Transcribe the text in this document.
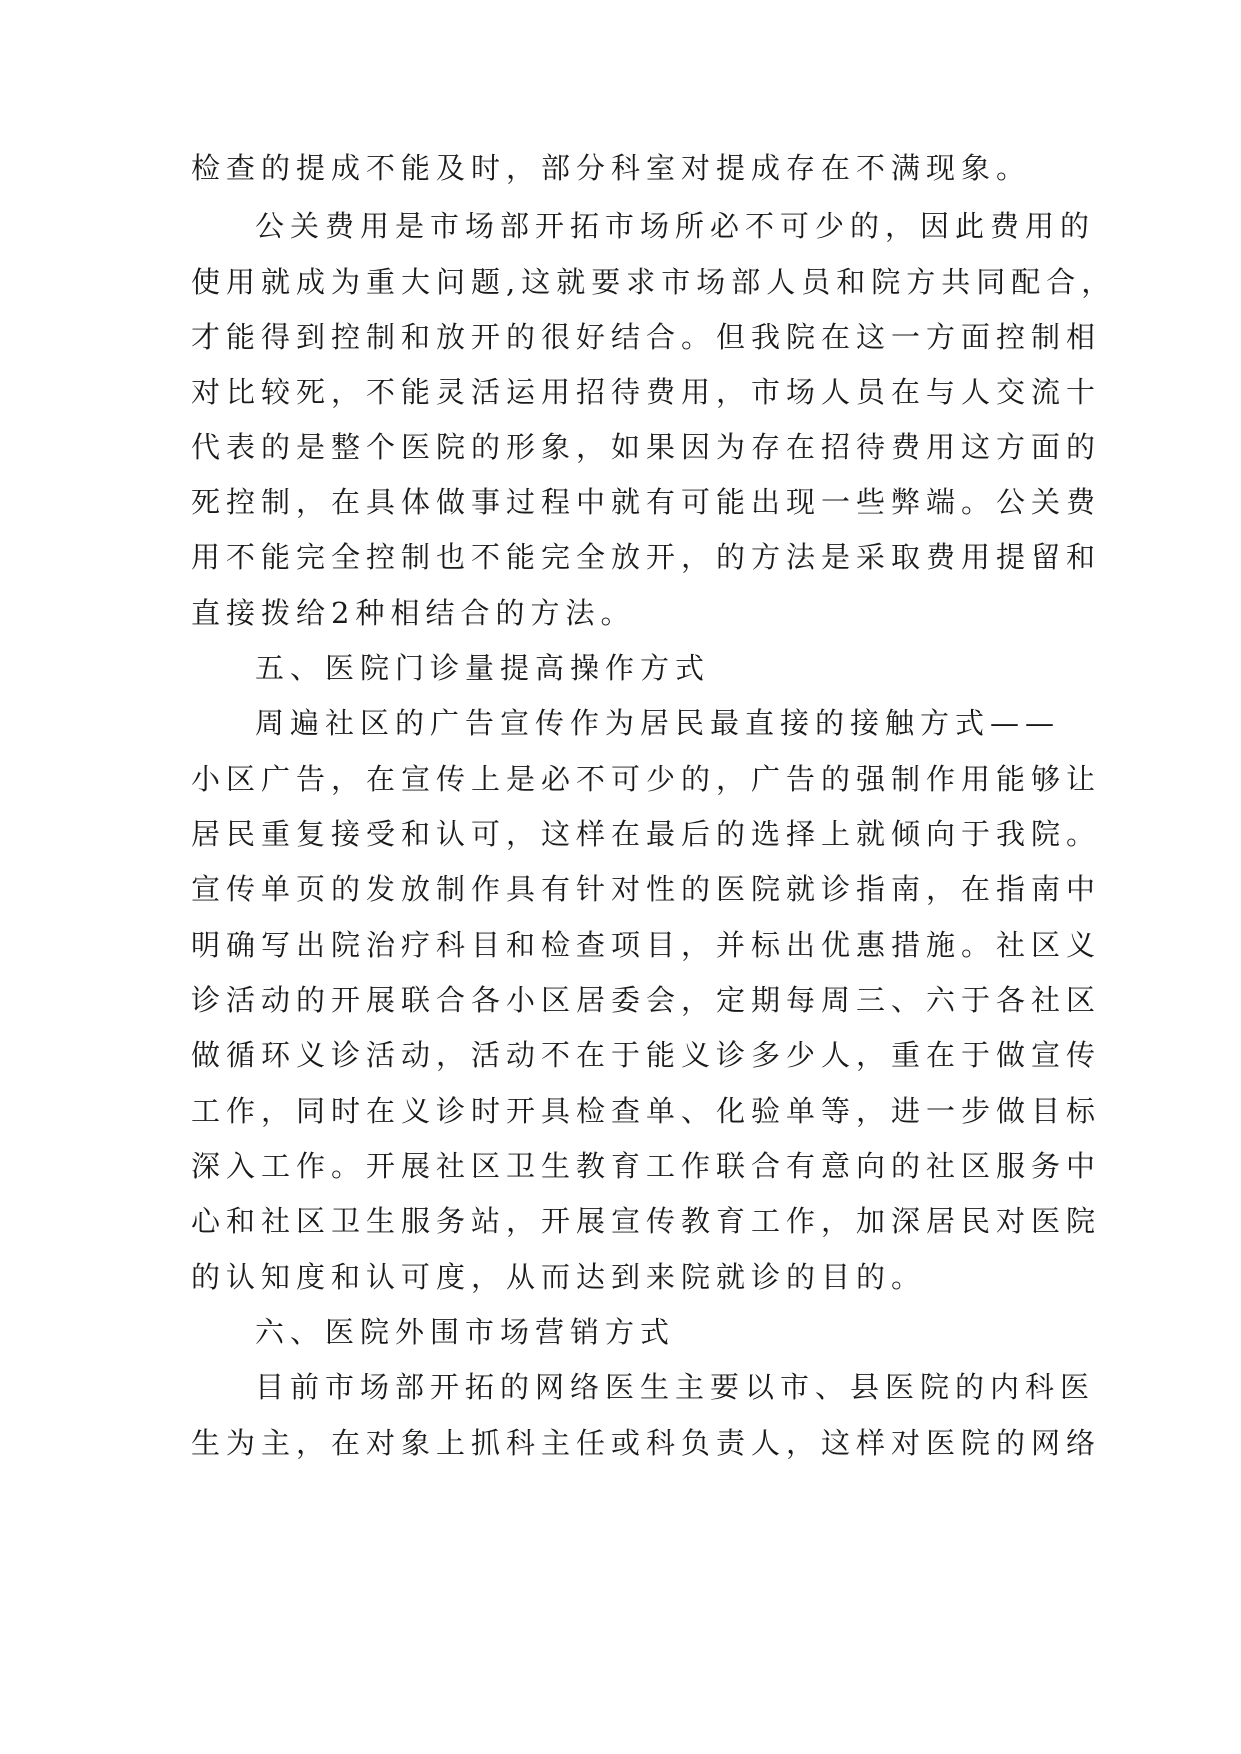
检查的提成不能及时，部分科室对提成存在不满现象。
公关费用是市场部开拓市场所必不可少的，因此费用的
使用就成为重大问题,这就要求市场部人员和院方共同配合，
才能得到控制和放开的很好结合。但我院在这一方面控制相
对比较死，不能灵活运用招待费用，市场人员在与人交流十
代表的是整个医院的形象，如果因为存在招待费用这方面的
死控制，在具体做事过程中就有可能出现一些弊端。公关费
用不能完全控制也不能完全放开，的方法是采取费用提留和
直接拨给2种相结合的方法。
五、医院门诊量提高操作方式
周遍社区的广告宣传作为居民最直接的接触方式——
小区广告，在宣传上是必不可少的，广告的强制作用能够让
居民重复接受和认可，这样在最后的选择上就倾向于我院。
宣传单页的发放制作具有针对性的医院就诊指南，在指南中
明确写出院治疗科目和检查项目，并标出优惠措施。社区义
诊活动的开展联合各小区居委会，定期每周三、六于各社区
做循环义诊活动，活动不在于能义诊多少人，重在于做宣传
工作，同时在义诊时开具检查单、化验单等，进一步做目标
深入工作。开展社区卫生教育工作联合有意向的社区服务中
心和社区卫生服务站，开展宣传教育工作，加深居民对医院
的认知度和认可度，从而达到来院就诊的目的。
六、医院外围市场营销方式
目前市场部开拓的网络医生主要以市、县医院的内科医
生为主，在对象上抓科主任或科负责人，这样对医院的网络
